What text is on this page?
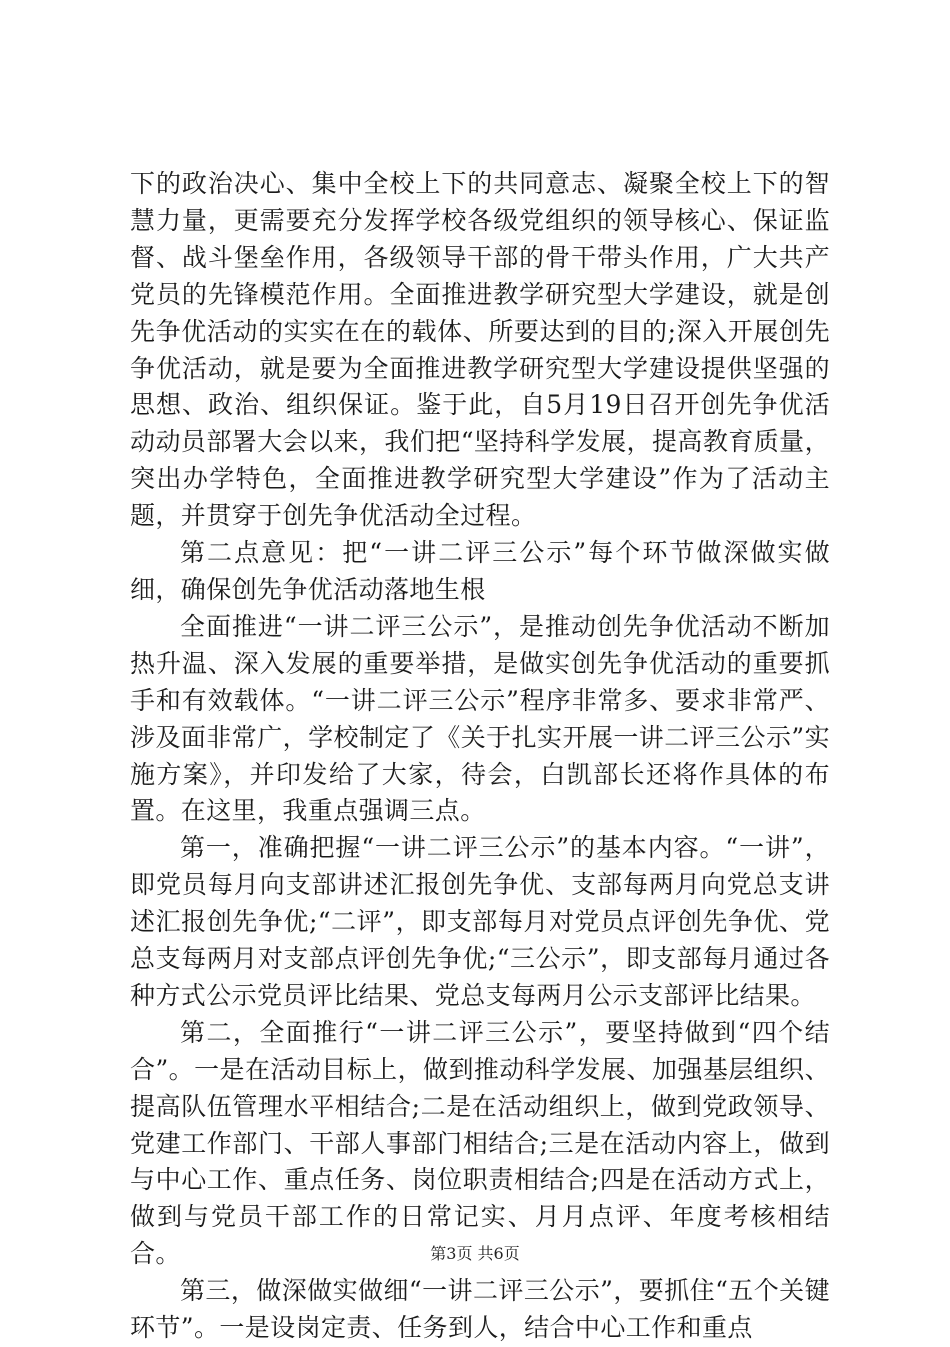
下的政治决心、集中全校上下的共同意志、凝聚全校上下的智慧力量，更需要充分发挥学校各级党组织的领导核心、保证监督、战斗堡垒作用，各级领导干部的骨干带头作用，广大共产党员的先锋模范作用。全面推进教学研究型大学建设，就是创先争优活动的实实在在的载体、所要达到的目的;深入开展创先争优活动，就是要为全面推进教学研究型大学建设提供坚强的思想、政治、组织保证。鉴于此，自5月19日召开创先争优活动动员部署大会以来，我们把“坚持科学发展，提高教育质量，突出办学特色，全面推进教学研究型大学建设”作为了活动主题，并贯穿于创先争优活动全过程。

第二点意见：把“一讲二评三公示”每个环节做深做实做细，确保创先争优活动落地生根

全面推进“一讲二评三公示”，是推动创先争优活动不断加热升温、深入发展的重要举措，是做实创先争优活动的重要抓手和有效载体。“一讲二评三公示”程序非常多、要求非常严、涉及面非常广，学校制定了《关于扎实开展一讲二评三公示”实施方案》，并印发给了大家，待会，白凯部长还将作具体的布置。在这里，我重点强调三点。

第一，准确把握“一讲二评三公示”的基本内容。“一讲”，即党员每月向支部讲述汇报创先争优、支部每两月向党总支讲述汇报创先争优;“二评”，即支部每月对党员点评创先争优、党总支每两月对支部点评创先争优;“三公示”，即支部每月通过各种方式公示党员评比结果、党总支每两月公示支部评比结果。

第二，全面推行“一讲二评三公示”，要坚持做到“四个结合”。一是在活动目标上，做到推动科学发展、加强基层组织、提高队伍管理水平相结合;二是在活动组织上，做到党政领导、党建工作部门、干部人事部门相结合;三是在活动内容上，做到与中心工作、重点任务、岗位职责相结合;四是在活动方式上，做到与党员干部工作的日常记实、月月点评、年度考核相结合。

第三，做深做实做细“一讲二评三公示”，要抓住“五个关键环节”。一是设岗定责、任务到人，结合中心工作和重点

第3页 共6页
